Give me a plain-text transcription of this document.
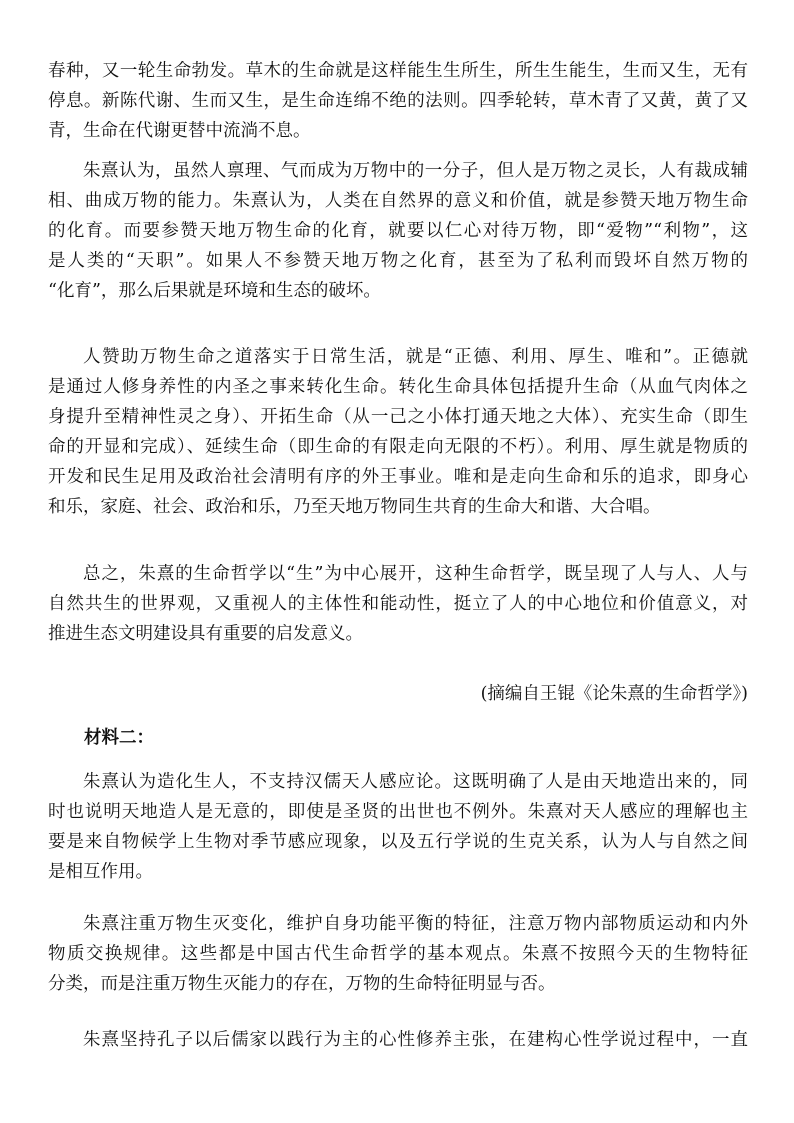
春种，又一轮生命勃发。草木的生命就是这样能生生所生，所生生能生，生而又生，无有
停息。新陈代谢、生而又生，是生命连绵不绝的法则。四季轮转，草木青了又黄，黄了又
青，生命在代谢更替中流淌不息。
朱熹认为，虽然人禀理、气而成为万物中的一分子，但人是万物之灵长，人有裁成辅
相、曲成万物的能力。朱熹认为，人类在自然界的意义和价值，就是参赞天地万物生命
的化育。而要参赞天地万物生命的化育，就要以仁心对待万物，即“爱物”“利物”，这
是人类的“天职”。如果人不参赞天地万物之化育，甚至为了私利而毁坏自然万物的
“化育”，那么后果就是环境和生态的破坏。
人赞助万物生命之道落实于日常生活，就是“正德、利用、厚生、唯和”。正德就
是通过人修身养性的内圣之事来转化生命。转化生命具体包括提升生命（从血气肉体之
身提升至精神性灵之身）、开拓生命（从一己之小体打通天地之大体）、充实生命（即生
命的开显和完成）、延续生命（即生命的有限走向无限的不朽）。利用、厚生就是物质的
开发和民生足用及政治社会清明有序的外王事业。唯和是走向生命和乐的追求，即身心
和乐，家庭、社会、政治和乐，乃至天地万物同生共育的生命大和谐、大合唱。
总之，朱熹的生命哲学以“生”为中心展开，这种生命哲学，既呈现了人与人、人与
自然共生的世界观，又重视人的主体性和能动性，挺立了人的中心地位和价值意义，对
推进生态文明建设具有重要的启发意义。
(摘编自王锟《论朱熹的生命哲学》)
材料二：
朱熹认为造化生人，不支持汉儒天人感应论。这既明确了人是由天地造出来的，同
时也说明天地造人是无意的，即使是圣贤的出世也不例外。朱熹对天人感应的理解也主
要是来自物候学上生物对季节感应现象，以及五行学说的生克关系，认为人与自然之间
是相互作用。
朱熹注重万物生灭变化，维护自身功能平衡的特征，注意万物内部物质运动和内外
物质交换规律。这些都是中国古代生命哲学的基本观点。朱熹不按照今天的生物特征
分类，而是注重万物生灭能力的存在，万物的生命特征明显与否。
朱熹坚持孔子以后儒家以践行为主的心性修养主张，在建构心性学说过程中，一直
